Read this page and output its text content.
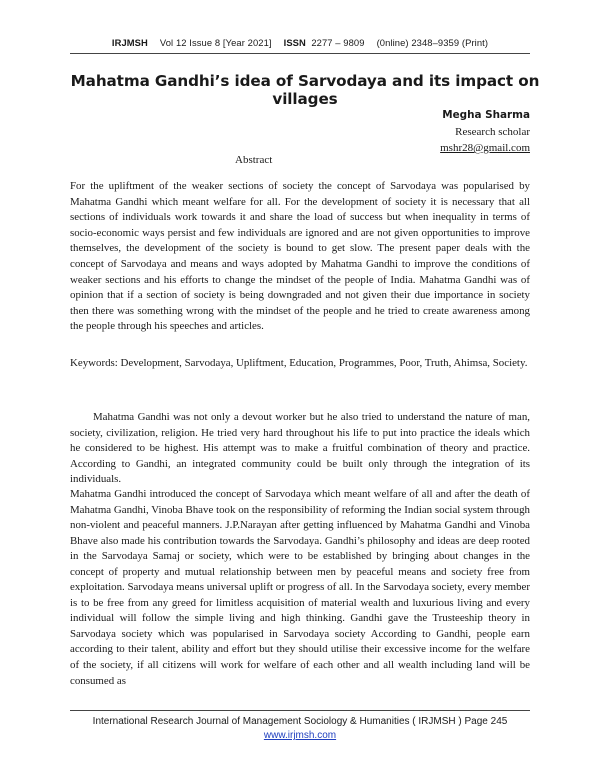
IRJMSH Vol 12 Issue 8 [Year 2021] ISSN 2277 – 9809 (0nline) 2348–9359 (Print)
Mahatma Gandhi’s idea of Sarvodaya and its impact on villages
Megha Sharma
Research scholar
mshr28@gmail.com
Abstract

For the upliftment of the weaker sections of society the concept of Sarvodaya was popularised by Mahatma Gandhi which meant welfare for all. For the development of society it is necessary that all sections of individuals work towards it and share the load of success but when inequality in terms of socio-economic ways persist and few individuals are ignored and are not given opportunities to improve themselves, the development of the society is bound to get slow. The present paper deals with the concept of Sarvodaya and means and ways adopted by Mahatma Gandhi to improve the conditions of weaker sections and his efforts to change the mindset of the people of India. Mahatma Gandhi was of opinion that if a section of society is being downgraded and not given their due importance in society then there was something wrong with the mindset of the people and he tried to create awareness among the people through his speeches and articles.

Keywords: Development, Sarvodaya, Upliftment, Education, Programmes, Poor, Truth, Ahimsa, Society.

Mahatma Gandhi was not only a devout worker but he also tried to understand the nature of man, society, civilization, religion. He tried very hard throughout his life to put into practice the ideals which he considered to be highest. His attempt was to make a fruitful combination of theory and practice. According to Gandhi, an integrated community could be built only through the integration of its individuals.

Mahatma Gandhi introduced the concept of Sarvodaya which meant welfare of all and after the death of Mahatma Gandhi, Vinoba Bhave took on the responsibility of reforming the Indian social system through non-violent and peaceful manners. J.P.Narayan after getting influenced by Mahatma Gandhi and Vinoba Bhave also made his contribution towards the Sarvodaya. Gandhi’s philosophy and ideas are deep rooted in the Sarvodaya Samaj or society, which were to be established by bringing about changes in the concept of property and mutual relationship between men by peaceful means and society free from exploitation. Sarvodaya means universal uplift or progress of all. In the Sarvodaya society, every member is to be free from any greed for limitless acquisition of material wealth and luxurious living and every individual will follow the simple living and high thinking. Gandhi gave the Trusteeship theory in Sarvodaya society which was popularised in Sarvodaya society According to Gandhi, people earn according to their talent, ability and effort but they should utilise their excessive income for the welfare of the society, if all citizens will work for welfare of each other and all wealth including land will be consumed as

International Research Journal of Management Sociology & Humanities ( IRJMSH ) Page 245
www.irjmsh.com
